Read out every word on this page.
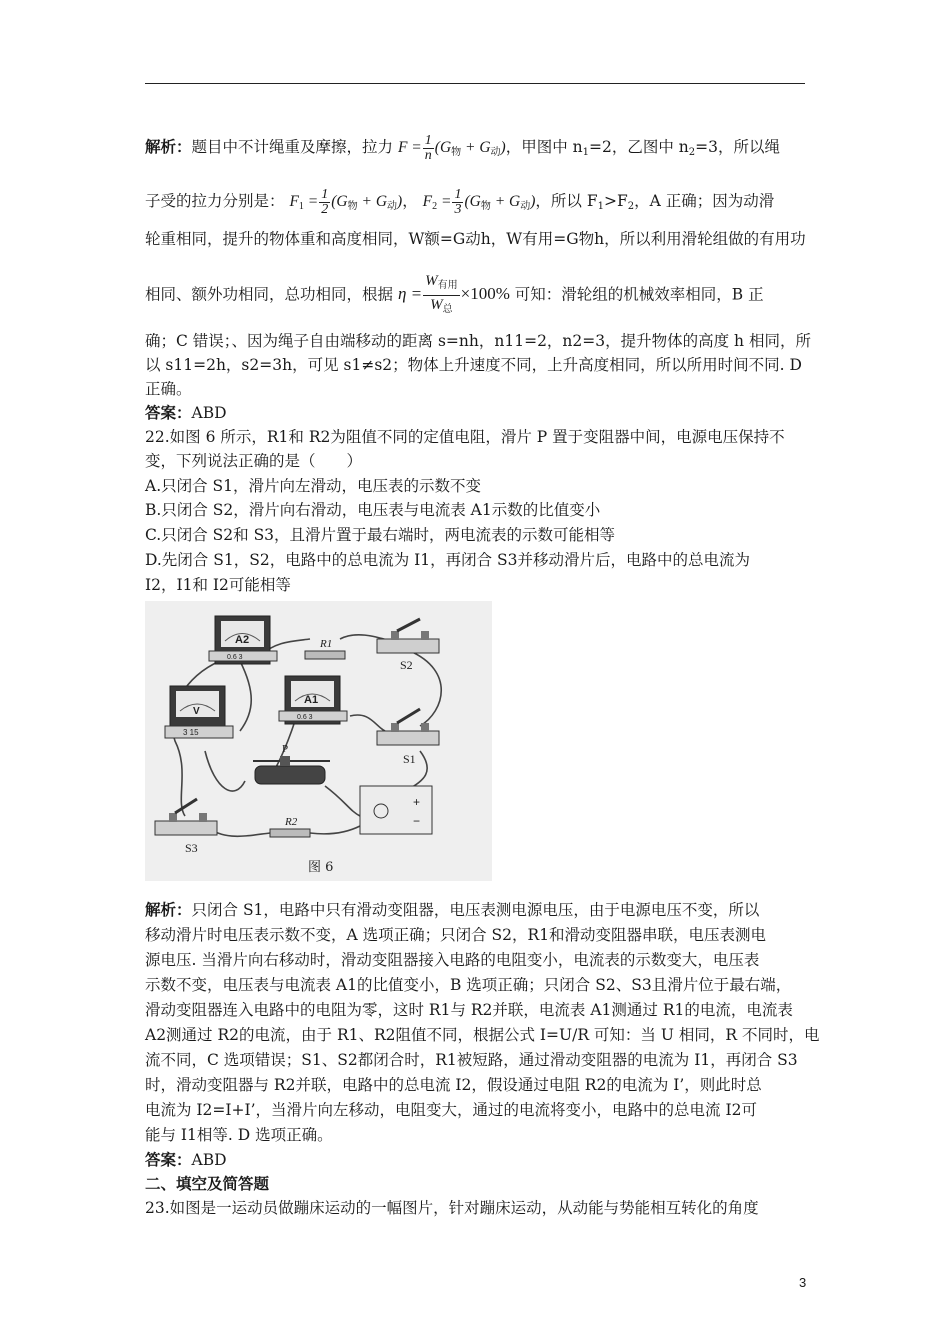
解析：题目中不计绳重及摩擦，拉力 $F = \frac{1}{n} (G_物 + G_动)$，甲图中 n1=2，乙图中 n2=3，所以绳
子受的拉力分别是： $F_1 = \frac{1}{2} (G_物 + G_动)$， $F_2 = \frac{1}{3} (G_物 + G_动)$，所以 F1>F2，A 正确；因为动滑
轮重相同，提升的物体重和高度相同，W额=G动h，W有用=G物h，所以利用滑轮组做的有用功
相同、额外功相同，总功相同，根据 $\eta = \frac{W_{有用}}{W_总} \times 100\%$ 可知：滑轮组的机械效率相同，B 正
确；C 错误；、因为绳子自由端移动的距离 s=nh，n11=2，n2=3，提升物体的高度 h 相同，所
以 s11=2h，s2=3h，可见 s1≠s2；物体上升速度不同，上升高度相同，所以所用时间不同. D
正确。
答案：ABD
22.如图 6 所示，R1和 R2为阻值不同的定值电阻，滑片 P 置于变阻器中间，电源电压保持不
变，下列说法正确的是（　　）
A.只闭合 S1，滑片向左滑动，电压表的示数不变
B.只闭合 S2，滑片向右滑动，电压表与电流表 A1示数的比值变小
C.只闭合 S2和 S3，且滑片置于最右端时，两电流表的示数可能相等
D.先闭合 S1，S2，电路中的总电流为 I1，再闭合 S3并移动滑片后，电路中的总电流为
I2，I1和 I2可能相等
A2
0.6 3
V
3 15
A1
0.6 3
R1
S2
S1
P
+
−
R2
S3
图 6
解析：只闭合 S1，电路中只有滑动变阻器，电压表测电源电压，由于电源电压不变，所以
移动滑片时电压表示数不变，A 选项正确；只闭合 S2，R1和滑动变阻器串联，电压表测电
源电压. 当滑片向右移动时，滑动变阻器接入电路的电阻变小，电流表的示数变大，电压表
示数不变，电压表与电流表 A1的比值变小，B 选项正确；只闭合 S2、S3且滑片位于最右端，
滑动变阻器连入电路中的电阻为零，这时 R1与 R2并联，电流表 A1测通过 R1的电流，电流表
A2测通过 R2的电流，由于 R1、R2阻值不同，根据公式 I=U/R 可知：当 U 相同，R 不同时，电
流不同，C 选项错误；S1、S2都闭合时，R1被短路，通过滑动变阻器的电流为 I1，再闭合 S3
时，滑动变阻器与 R2并联，电路中的总电流 I2，假设通过电阻 R2的电流为 I’，则此时总
电流为 I2=I+I’，当滑片向左移动，电阻变大，通过的电流将变小，电路中的总电流 I2可
能与 I1相等. D 选项正确。
答案：ABD
二、填空及简答题
23.如图是一运动员做蹦床运动的一幅图片，针对蹦床运动，从动能与势能相互转化的角度
3
